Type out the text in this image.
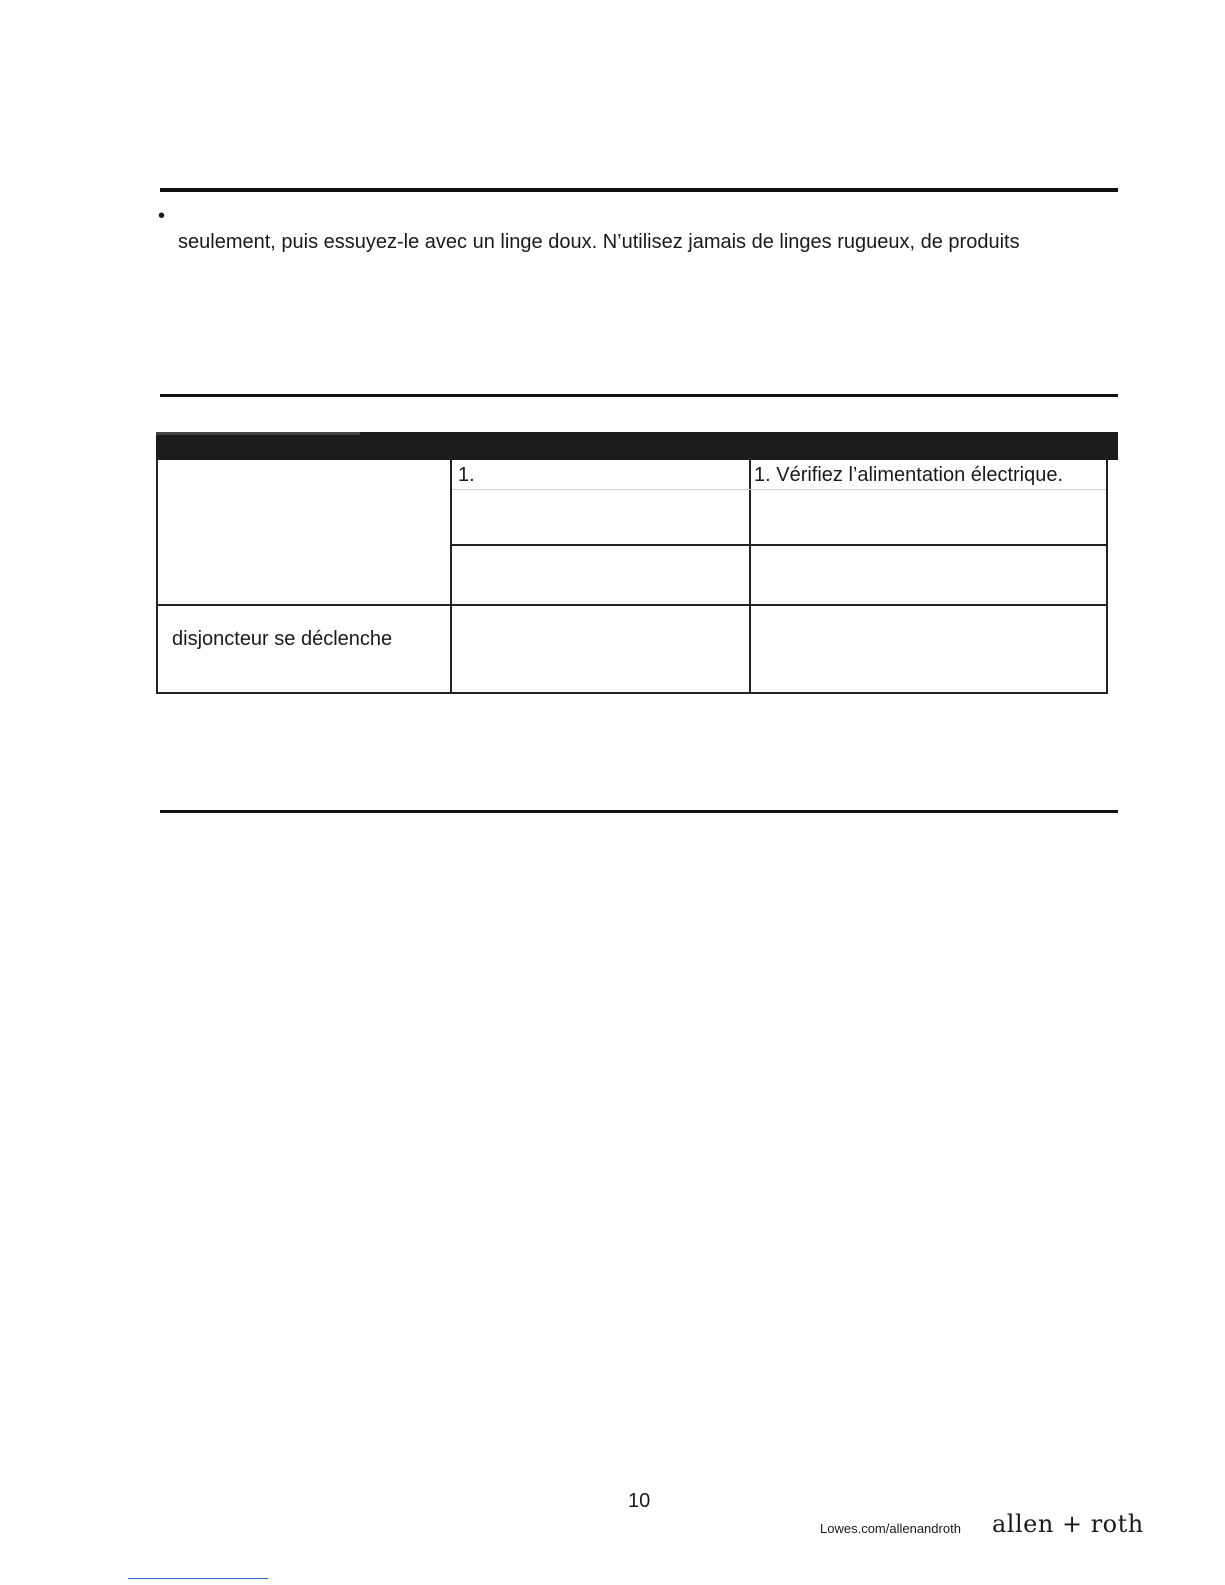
•
seulement, puis essuyez-le avec un linge doux. N’utilisez jamais de linges rugueux, de produits
1.	1. Vérifiez l’alimentation électrique.
disjoncteur se déclenche
10
Lowes.com/allenandroth allen + roth
